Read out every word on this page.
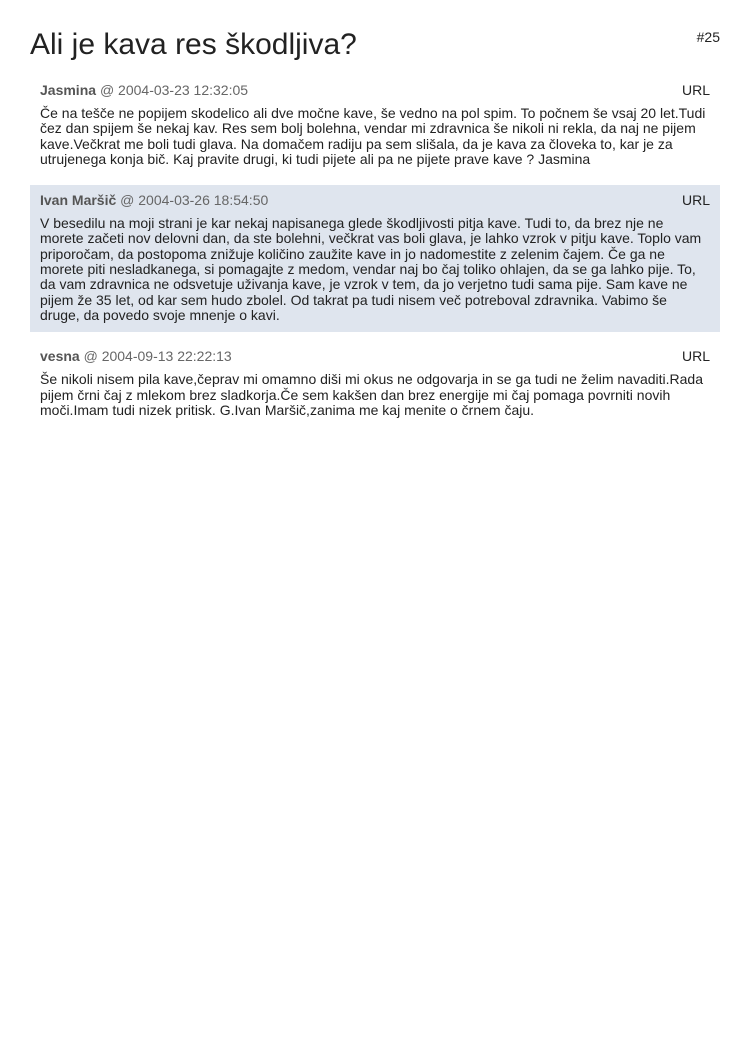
Ali je kava res škodljiva?	#25
Jasmina @ 2004-03-23 12:32:05	URL

Če na tešče ne popijem skodelico ali dve močne kave, še vedno na pol spim. To počnem še vsaj 20 let.Tudi čez dan spijem še nekaj kav. Res sem bolj bolehna, vendar mi zdravnica še nikoli ni rekla, da naj ne pijem kave.Večkrat me boli tudi glava. Na domačem radiju pa sem slišala, da je kava za človeka to, kar je za utrujenega konja bič. Kaj pravite drugi, ki tudi pijete ali pa ne pijete prave kave ? Jasmina

Ivan Maršič @ 2004-03-26 18:54:50	URL

V besedilu na moji strani je kar nekaj napisanega glede škodljivosti pitja kave. Tudi to, da brez nje ne morete začeti nov delovni dan, da ste bolehni, večkrat vas boli glava, je lahko vzrok v pitju kave. Toplo vam priporočam, da postopoma znižuje količino zaužite kave in jo nadomestite z zelenim čajem. Če ga ne morete piti nesladkanega, si pomagajte z medom, vendar naj bo čaj toliko ohlajen, da se ga lahko pije. To, da vam zdravnica ne odsvetuje uživanja kave, je vzrok v tem, da jo verjetno tudi sama pije. Sam kave ne pijem že 35 let, od kar sem hudo zbolel. Od takrat pa tudi nisem več potreboval zdravnika. Vabimo še druge, da povedo svoje mnenje o kavi.

vesna @ 2004-09-13 22:22:13	URL

Še nikoli nisem pila kave,čeprav mi omamno diši mi okus ne odgovarja in se ga tudi ne želim navaditi.Rada pijem črni čaj z mlekom brez sladkorja.Če sem kakšen dan brez energije mi čaj pomaga povrniti novih moči.Imam tudi nizek pritisk. G.Ivan Maršič,zanima me kaj menite o črnem čaju.
